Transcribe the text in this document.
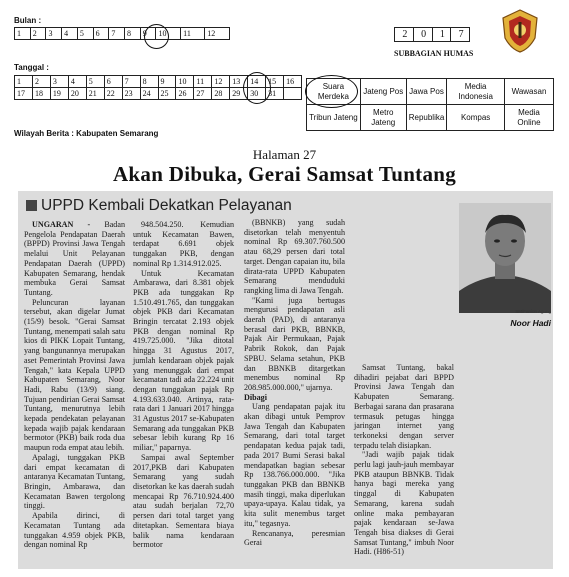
Bulan :
1	2	3	4	5	6	7	8	9	10	11	12
Tanggal :
1	2	3	4	5	6	7	8	9	10	11	12	13	14	15	16
17	18	19	20	21	22	23	24	25	26	27	28	29	30	31	
2	0	1	7
SUBBAGIAN HUMAS
Suara Merdeka	Jateng Pos	Jawa Pos	Media Indonesia	Wawasan
Tribun Jateng	Metro Jateng	Republika	Kompas	Media Online
Wilayah Berita : Kabupaten Semarang
Halaman 27
Akan Dibuka, Gerai Samsat Tuntang
UPPD Kembali Dekatkan Pelayanan

UNGARAN - Badan Pengelola Pendapatan Daerah (BPPD) Provinsi Jawa Tengah melalui Unit Pelayanan Pendapatan Daerah (UPPD) Kabupaten Semarang, hendak membuka Gerai Samsat Tuntang.

Peluncuran layanan tersebut, akan digelar Jumat (15/9) besok. "Gerai Samsat Tuntang, menempati salah satu kios di PIKK Lopait Tuntang, yang bangunannya merupakan aset Pemerintah Provinsi Jawa Tengah," kata Kepala UPPD Kabupaten Semarang, Noor Hadi, Rabu (13/9) siang. Tujuan pendirian Gerai Samsat Tuntang, menurutnya lebih kepada pendekatan pelayanan kepada wajib pajak kendaraan bermotor (PKB) baik roda dua maupun roda empat atau lebih.

Apalagi, tunggakan PKB dari empat kecamatan di antaranya Kecamatan Tuntang, Bringin, Ambarawa, dan Kecamatan Bawen tergolong tinggi.

Apabila dirinci, di Kecamatan Tuntang ada tunggakan 4.959 objek PKB, dengan nominal Rp

948.504.250. Kemudian untuk Kecamatan Bawen, terdapat 6.691 objek tunggakan PKB, dengan nominal Rp 1.314.912.025.

Untuk Kecamatan Ambarawa, dari 8.381 objek PKB ada tunggakan Rp 1.510.491.765, dan tunggakan objek PKB dari Kecamatan Bringin tercatat 2.193 objek PKB dengan nominal Rp 419.725.000. "Jika ditotal hingga 31 Agustus 2017, jumlah kendaraan objek pajak yang menunggak dari empat kecamatan tadi ada 22.224 unit dengan tunggakan pajak Rp 4.193.633.040. Artinya, rata-rata dari 1 Januari 2017 hingga 31 Agustus 2017 se-Kabupaten Semarang ada tunggakan PKB sebesar lebih kurang Rp 16 miliar," paparnya.

Sampai awal September 2017,PKB dari Kabupaten Semarang yang sudah disetorkan ke kas daerah sudah mencapai Rp 76.710.924.400 atau sudah berjalan 72,70 persen dari total target yang ditetapkan. Sementara biaya balik nama kendaraan bermotor

(BBNKB) yang sudah disetorkan telah menyentuh nominal Rp 69.307.760.500 atau 68,29 persen dari total target. Dengan capaian itu, bila dirata-rata UPPD Kabupaten Semarang menduduki rangking lima di Jawa Tengah.

"Kami juga bertugas mengurusi pendapatan asli daerah (PAD), di antaranya berasal dari PKB, BBNKB, Pajak Air Permukaan, Pajak Pabrik Rokok, dan Pajak SPBU. Selama setahun, PKB dan BBNKB ditargetkan menembus nominal Rp 208.985.000.000," ujarnya.

Dibagi

Uang pendapatan pajak itu akan dibagi untuk Pemprov Jawa Tengah dan Kabupaten Semarang, dari total target pendapatan kedua pajak tadi, pada 2017 Bumi Serasi bakal mendapatkan bagian sebesar Rp 138.766.000.000. "Jika tunggakan PKB dan BBNKB masih tinggi, maka diperlukan upaya-upaya. Kalau tidak, ya kita sulit menembus target itu," tegasnya.

Rencananya, peresmian Gerai

Samsat Tuntang, bakal dihadiri pejabat dari BPPD Provinsi Jawa Tengah dan Kabupaten Semarang. Berbagai sarana dan prasarana termasuk petugas hingga jaringan internet yang terkoneksi dengan server terpadu telah disiapkan.

"Jadi wajib pajak tidak perlu lagi jauh-jauh membayar PKB ataupun BBNKB. Tidak hanya bagi mereka yang tinggal di Kabupaten Semarang, karena sudah online maka pembayaran pajak kendaraan se-Jawa Tengah bisa diakses di Gerai Samsat Tuntang," imbuh Noor Hadi. (H86-51)

SM/Fanion Agung
Noor Hadi
